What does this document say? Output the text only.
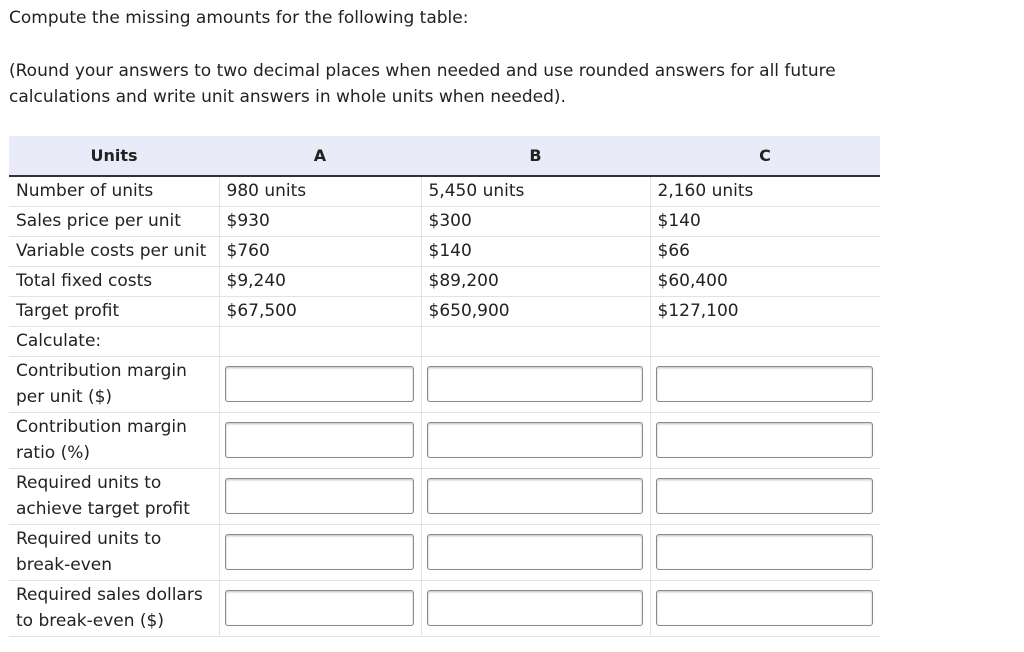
Compute the missing amounts for the following table:
(Round your answers to two decimal places when needed and use rounded answers for all future calculations and write unit answers in whole units when needed).
Units	A	B	C
Number of units	980 units	5,450 units	2,160 units
Sales price per unit	$930	$300	$140
Variable costs per unit	$760	$140	$66
Total fixed costs	$9,240	$89,200	$60,400
Target profit	$67,500	$650,900	$127,100
Calculate:			
Contribution margin per unit ($)	

Contribution margin ratio (%)	

Required units to achieve target profit	

Required units to break-even	

Required sales dollars to break-even ($)	
